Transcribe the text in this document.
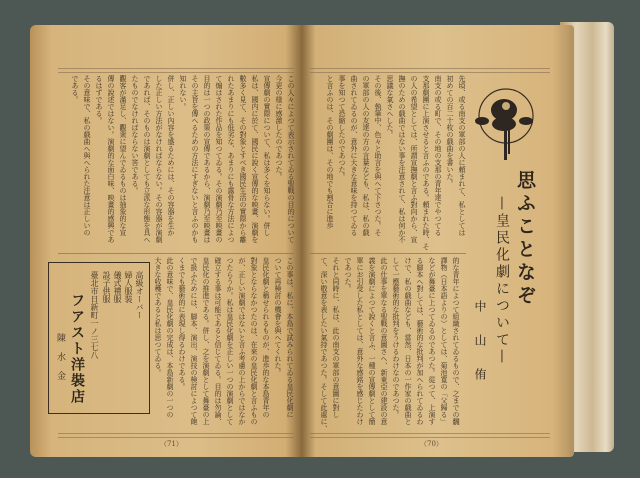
この人々によつて表示されてゐる聖戰の目的について
今更の様に感激したのであつた。
宣傳劇の實際について、私は多くを知らない。併し
私は、國内に於て、國民に說く宣傳的な映畫、演劇を
數多く見て、その對象とすべき國民生活の實際から離
れたあまりにも低劣な、あまりにも露骨な方法によつ
て煽はされた作品を知つてゐる。その演劇乃至映畫の
目的は一つの政策の宣傳であるから、演劇乃至映畫は
その主旨を傳へるための方法にすぎないと言ふのかも
知れない。
併し、正しい內容を盛るためには、その容器を生か
した正しい方法がなければならない。その容器が演劇
であれば、そのものは演劇としても立派な形態を具へ
たものでなければならない筈である。
觀客が滿足し、觀衆に望んでゐるものは抽象的な宣
傳の說述ではない。演劇的な面白味、映畫的感興であ
るはずである。
その意味で、私の戯曲へ與へられた注意は正しいの
である。
この事は、私に、本島で試みられてゐる皇民化劇に
ついて再検討の機會を與へてくれた。
皇民化劇と稱せられるものが、進歩的な本島青年の
對象とならなかつたのは、在來の皇民化劇と言ふもの
が、正しい演劇ではないと言ふ考慮の上からではなか
つたらうか。私は皇民化劇を正しい一つの演劇として
確立する事は可能であると信じてゐる。目的は勿論、
皇民化の推進である。併し、之を演劇として舞臺の上
で扱ふためには、脚本、演出、演技の検討によつて飽
くまでも藝術的に表現し得るわけである。
此の意味で、皇民化劇の完成は、本島新劇の一つの
大きな收穫であると私は思つてゐる。
高級オーバー
婦人服裝
儀式禮服
設子供服
臺北市日新町一ノ三七八
フアスト洋裝店
陳水金
先頃、或る南支の軍部の人に頼まれて、私としては
初めての百二十枚の戯曲を書いた。
南支の或る町で、その地の支那の青年達でやつてる
支那劇團に上演させると言ふのである。頼まれた時、そ
の人の希望としては、所謂宣撫劇と言ふ對向から、宣
撫のための戯曲ではない事を注意されて、私は何か不
思議な氣さへした。
その後、執筆中、色々と助言を與へて下さつた。そ
の軍部の人の友達の方の言葉なども、私は、私の戯
曲されてゐるのが、意外に大きな意味を持つてゐる
事を知つて恐縮したのであつた。
と言ふのは、その劇團は、その地でも割合に進歩
的な青年によつて組織されてゐるもので、之までの飜
譯物（日本語よりの）としては、菊池寛の「父歸る」
などが舞臺に上つてゐるのであつた。從つて、上演す
る脚本へ對しては、藝術的な批判が加へられてゐるわ
けで、私の戯曲なども、當然、日本の一作家の戯曲と
して一應藝術的な批判をうけるわけなのであつた。
此の仕事を單なる聖戰の意圖さへ、新東亞の建設の意
義を演劇によつて說くと言ふ、一種の宣傳劇として簡
單にお引受した私としては、意外な感銘を感じたわけ
であつた。
それと同時に、私は、此の南支の軍部の意圖に對し
て、深い敬意を表したい氣持であつた。そして此處に、
思ふことなぞ
—皇民化劇について—
中山侑
（71）	（70）
